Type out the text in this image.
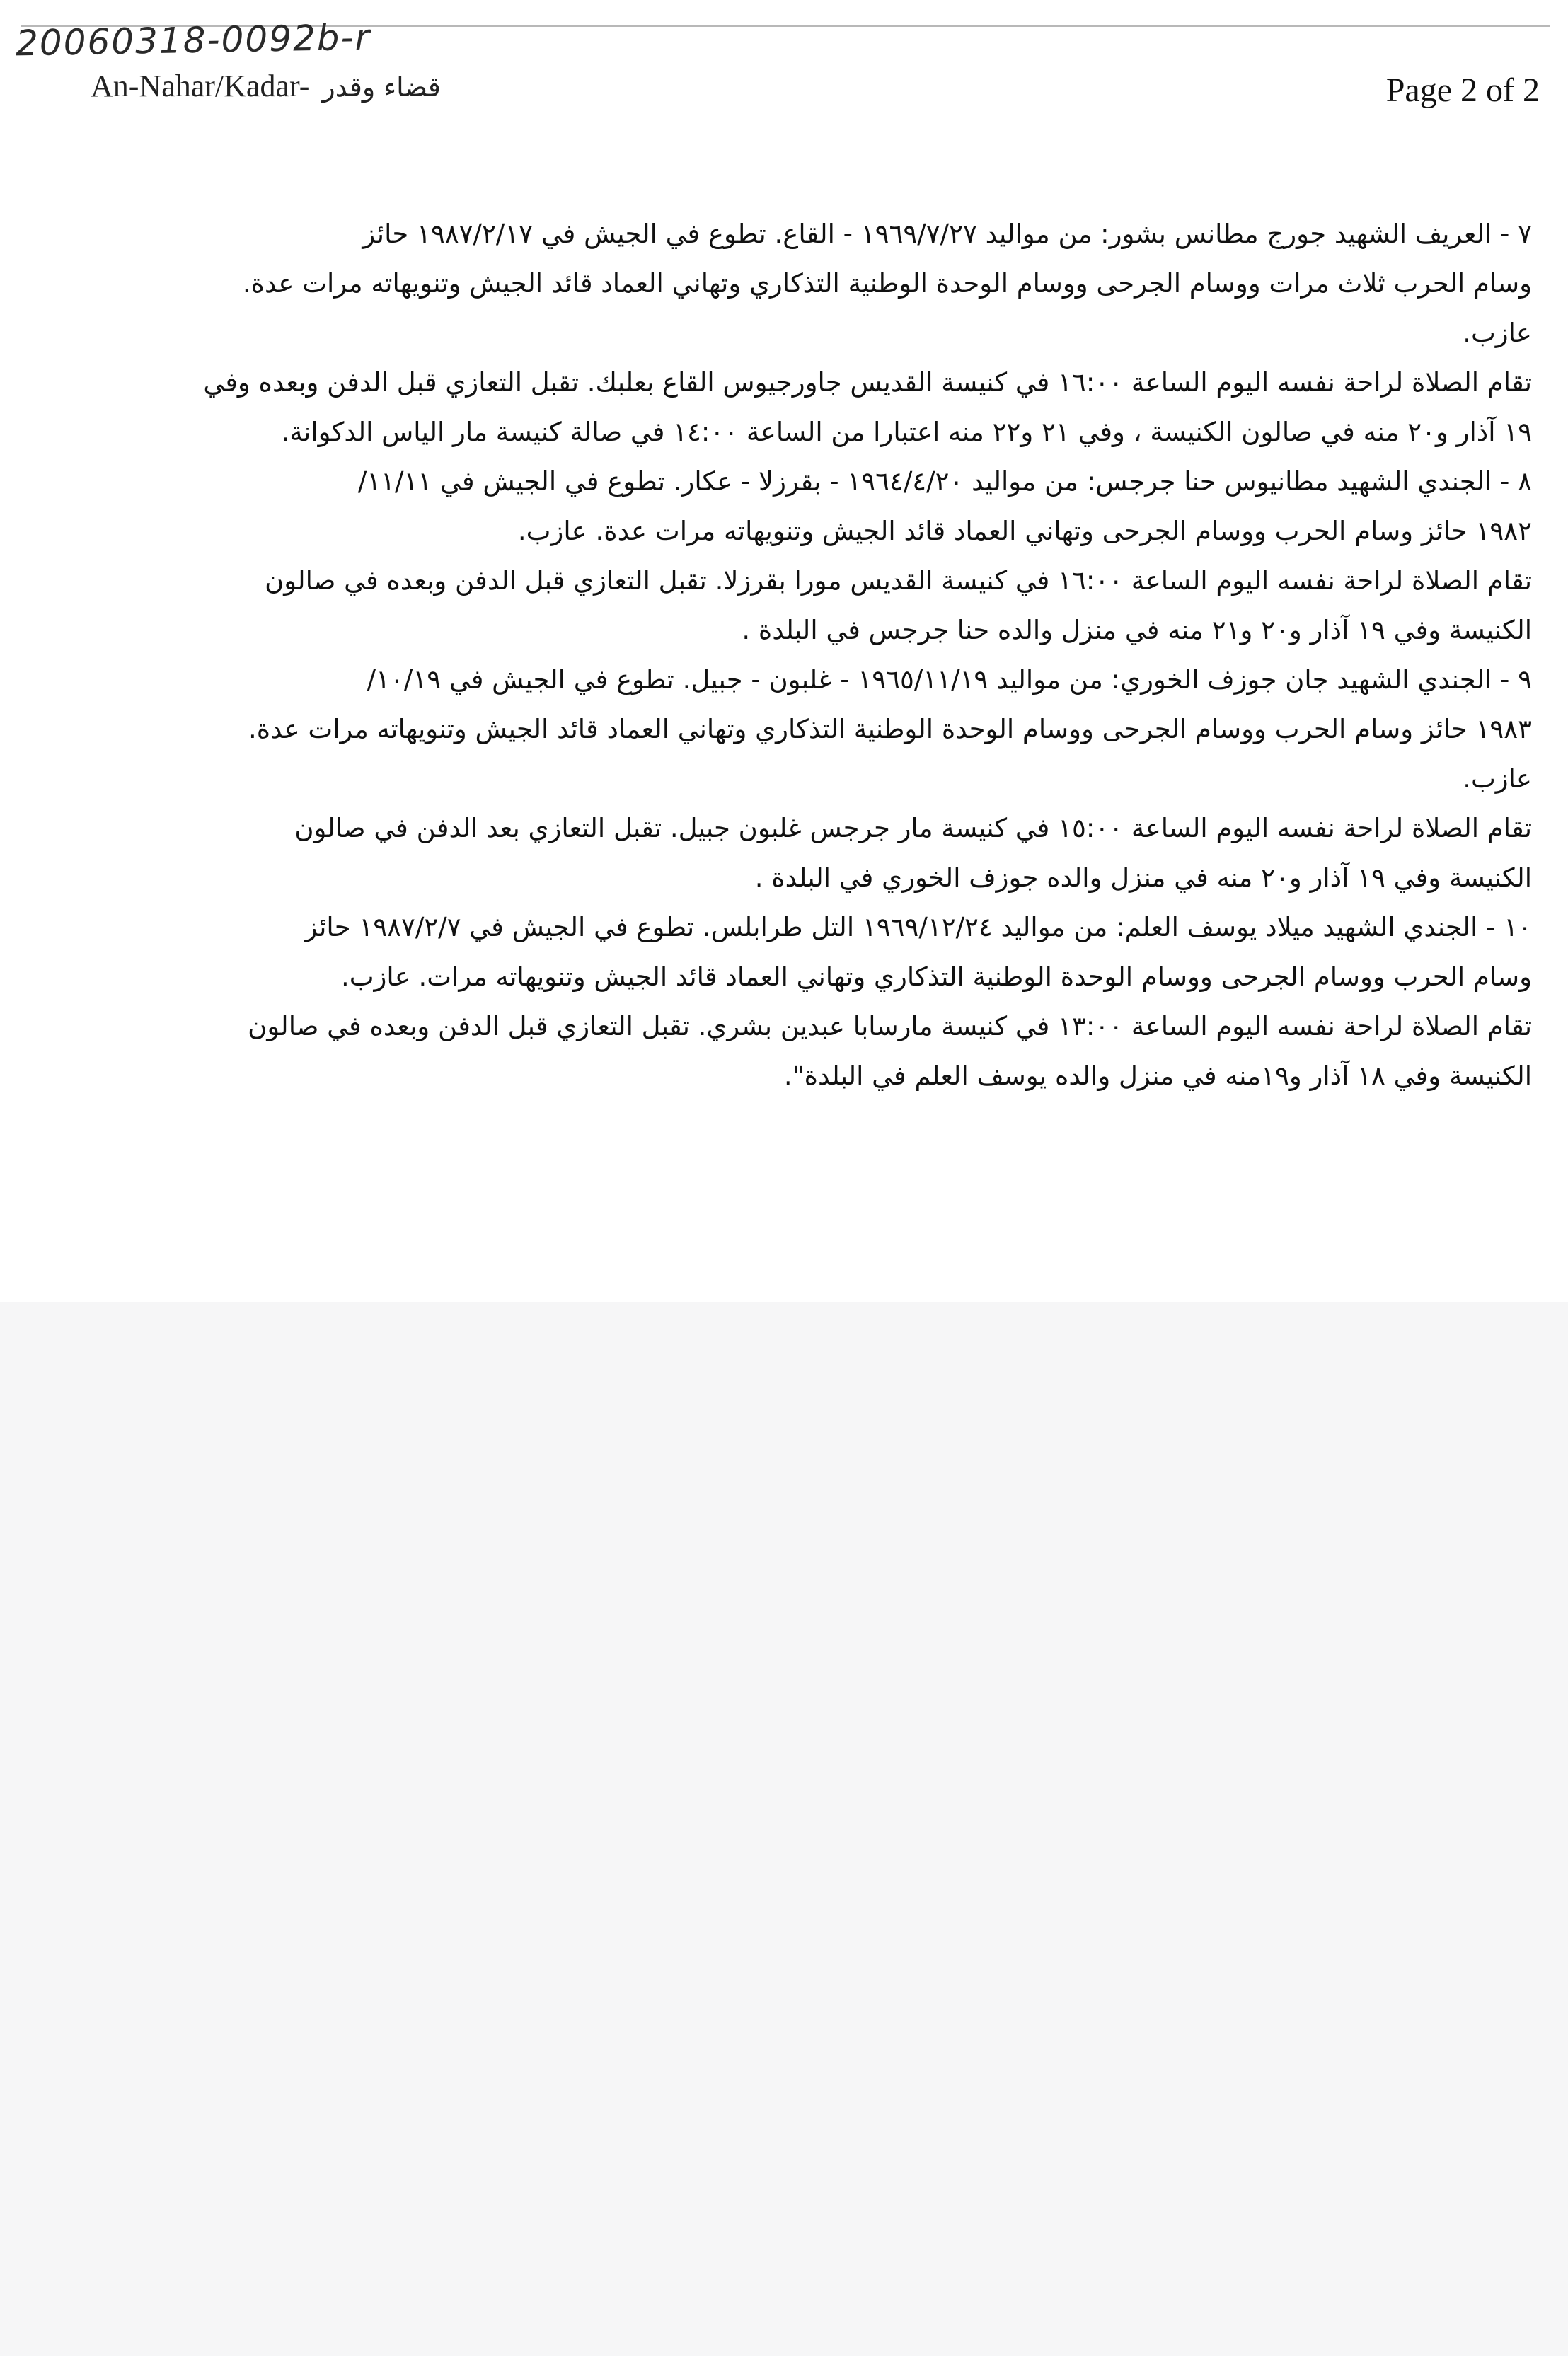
20060318-0092b-r
An-Nahar/Kadar- قضاء وقدر	Page 2 of 2
٧ - العريف الشهيد جورج مطانس بشور: من مواليد ١٩٦٩/٧/٢٧ - القاع. تطوع في الجيش في ١٩٨٧/٢/١٧ حائز
وسام الحرب ثلاث مرات ووسام الجرحى ووسام الوحدة الوطنية التذكاري وتهاني العماد قائد الجيش وتنويهاته مرات عدة.
عازب.
تقام الصلاة لراحة نفسه اليوم الساعة ١٦:٠٠ في كنيسة القديس جاورجيوس القاع بعلبك. تقبل التعازي قبل الدفن وبعده وفي
١٩ آذار و٢٠ منه في صالون الكنيسة ، وفي ٢١ و٢٢ منه اعتبارا من الساعة ١٤:٠٠ في صالة كنيسة مار الياس الدكوانة.
٨ - الجندي الشهيد مطانيوس حنا جرجس: من مواليد ١٩٦٤/٤/٢٠ - بقرزلا - عكار. تطوع في الجيش في ١١/١١/
١٩٨٢ حائز وسام الحرب ووسام الجرحى وتهاني العماد قائد الجيش وتنويهاته مرات عدة. عازب.
تقام الصلاة لراحة نفسه اليوم الساعة ١٦:٠٠ في كنيسة القديس مورا بقرزلا. تقبل التعازي قبل الدفن وبعده في صالون
الكنيسة وفي ١٩ آذار و٢٠ و٢١ منه في منزل والده حنا جرجس في البلدة .
٩ - الجندي الشهيد جان جوزف الخوري: من مواليد ١٩٦٥/١١/١٩ - غلبون - جبيل. تطوع في الجيش في ١٠/١٩/
١٩٨٣ حائز وسام الحرب ووسام الجرحى ووسام الوحدة الوطنية التذكاري وتهاني العماد قائد الجيش وتنويهاته مرات عدة.
عازب.
تقام الصلاة لراحة نفسه اليوم الساعة ١٥:٠٠ في كنيسة مار جرجس غلبون جبيل. تقبل التعازي بعد الدفن في صالون
الكنيسة وفي ١٩ آذار و٢٠ منه في منزل والده جوزف الخوري في البلدة .
١٠ - الجندي الشهيد ميلاد يوسف العلم: من مواليد ١٩٦٩/١٢/٢٤ التل طرابلس. تطوع في الجيش في ١٩٨٧/٢/٧ حائز
وسام الحرب ووسام الجرحى ووسام الوحدة الوطنية التذكاري وتهاني العماد قائد الجيش وتنويهاته مرات. عازب.
تقام الصلاة لراحة نفسه اليوم الساعة ١٣:٠٠ في كنيسة مارسابا عبدين بشري. تقبل التعازي قبل الدفن وبعده في صالون
الكنيسة وفي ١٨ آذار و١٩منه في منزل والده يوسف العلم في البلدة".
